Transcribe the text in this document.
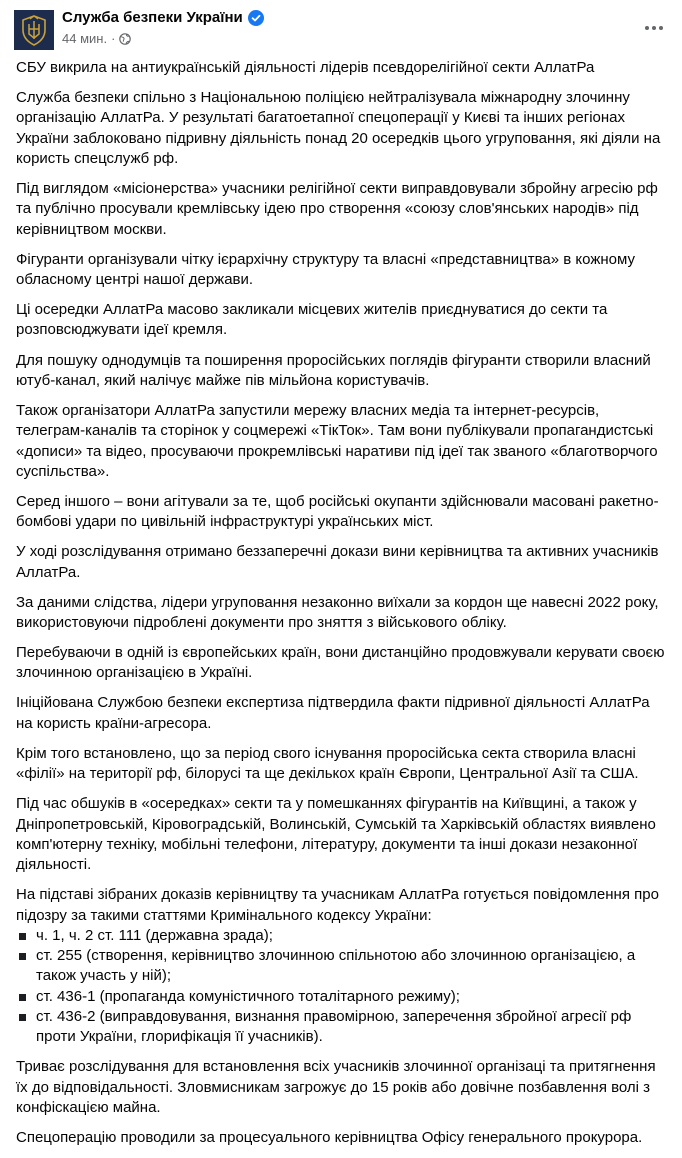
Служба безпеки України
44 мин. ·

СБУ викрила на антиукраїнській діяльності лідерів псевдорелігійної секти АллатРа

Служба безпеки спільно з Національною поліцією нейтралізувала міжнародну злочинну організацію АллатРа. У результаті багатоетапної спецоперації у Києві та інших регіонах України заблоковано підривну діяльність понад 20 осередків цього угруповання, які діяли на користь спецслужб рф.

Під виглядом «місіонерства» учасники релігійної секти виправдовували збройну агресію рф та публічно просували кремлівську ідею про створення «союзу слов'янських народів» під керівництвом москви.

Фігуранти організували чітку ієрархічну структуру та власні «представництва» в кожному обласному центрі нашої держави.

Ці осередки АллатРа масово закликали місцевих жителів приєднуватися до секти та розповсюджувати ідеї кремля.

Для пошуку однодумців та поширення проросійських поглядів фігуранти створили власний ютуб-канал, який налічує майже пів мільйона користувачів.

Також організатори АллатРа запустили мережу власних медіа та інтернет-ресурсів, телеграм-каналів та сторінок у соцмережі «ТікТок». Там вони публікували пропагандистські «дописи» та відео, просуваючи прокремлівські наративи під ідеї так званого «благотворчого суспільства».

Серед іншого – вони агітували за те, щоб російські окупанти здійснювали масовані ракетно-бомбові удари по цивільній інфраструктурі українських міст.

У ході розслідування отримано беззаперечні докази вини керівництва та активних учасників АллатРа.

За даними слідства, лідери угруповання незаконно виїхали за кордон ще навесні 2022 року, використовуючи підроблені документи про зняття з військового обліку.

Перебуваючи в одній із європейських країн, вони дистанційно продовжували керувати своєю злочинною організацією в Україні.

Ініційована Службою безпеки експертиза підтвердила факти підривної діяльності АллатРа на користь країни-агресора.

Крім того встановлено, що за період свого існування проросійська секта створила власні «філії» на території рф, білорусі та ще декількох країн Європи, Центральної Азії та США.

Під час обшуків в «осередках» секти та у помешканнях фігурантів на Київщині, а також у Дніпропетровській, Кіровоградській, Волинській, Сумській та Харківській областях виявлено комп'ютерну техніку, мобільні телефони, літературу, документи та інші докази незаконної діяльності.

На підставі зібраних доказів керівництву та учасникам АллатРа готується повідомлення про підозру за такими статтями Кримінального кодексу України:
ч. 1, ч. 2 ст. 111 (державна зрада);
ст. 255 (створення, керівництво злочинною спільнотою або злочинною організацією, а також участь у ній);
ст. 436-1 (пропаганда комуністичного тоталітарного режиму);
ст. 436-2 (виправдовування, визнання правомірною, заперечення збройної агресії рф проти України, глорифікація її учасників).

Триває розслідування для встановлення всіх учасників злочинної організаці та притягнення їх до відповідальності. Зловмисникам загрожує до 15 років або довічне позбавлення волі з конфіскацією майна.

Спецоперацію проводили за процесуального керівництва Офісу генерального прокурора.
